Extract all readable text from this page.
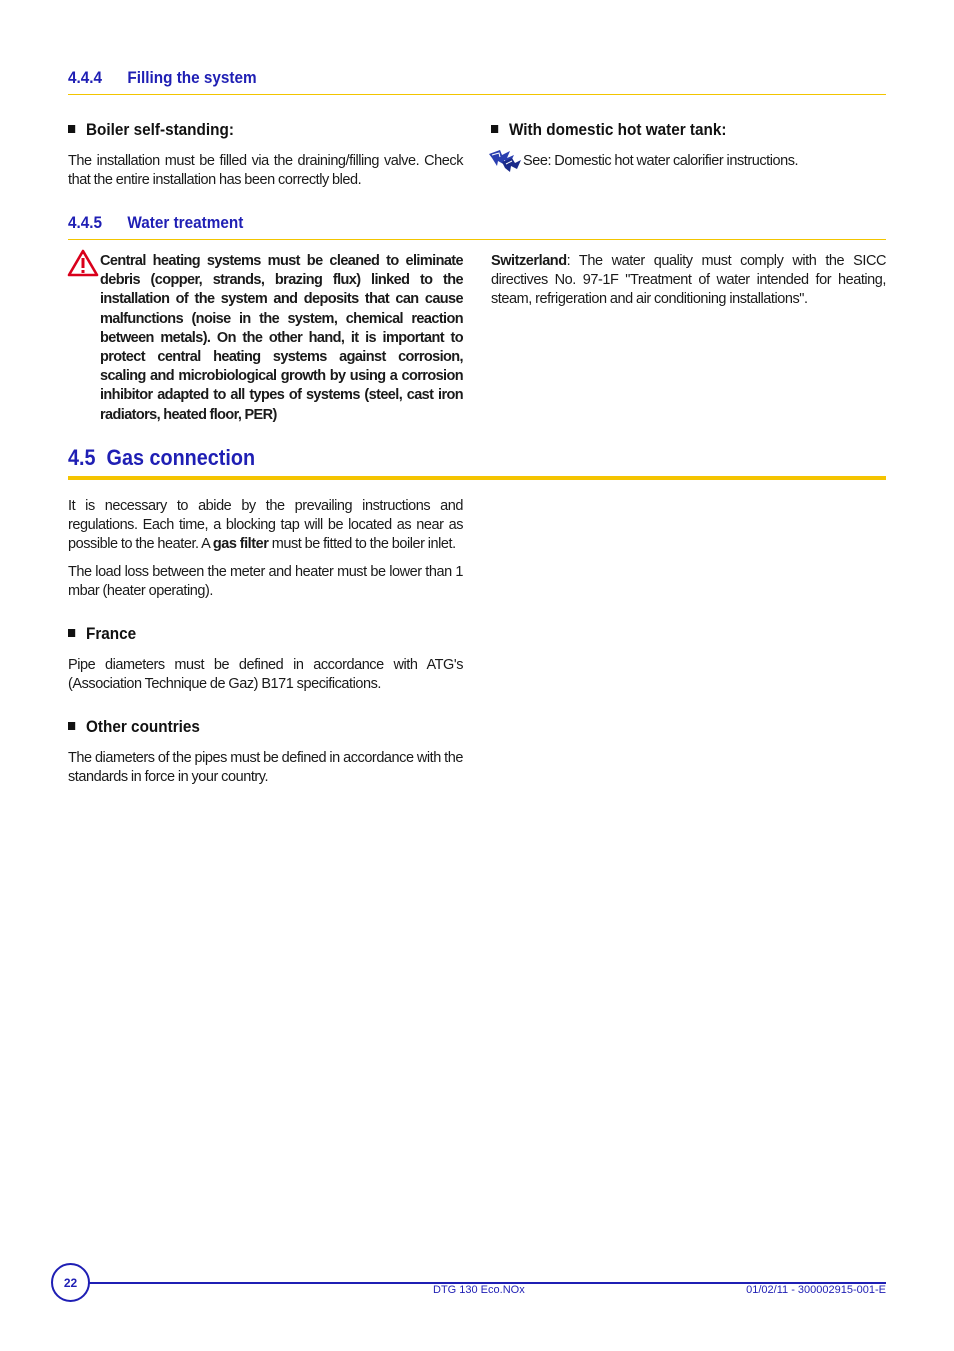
4.4.4 Filling the system
Boiler self-standing:
The installation must be filled via the draining/filling valve. Check that the entire installation has been correctly bled.
With domestic hot water tank:
See: Domestic hot water calorifier instructions.
4.4.5 Water treatment
Central heating systems must be cleaned to eliminate debris (copper, strands, brazing flux) linked to the installation of the system and deposits that can cause malfunctions (noise in the system, chemical reaction between metals). On the other hand, it is important to protect central heating systems against corrosion, scaling and microbiological growth by using a corrosion inhibitor adapted to all types of systems (steel, cast iron radiators, heated floor, PER)
Switzerland: The water quality must comply with the SICC directives No. 97-1F "Treatment of water intended for heating, steam, refrigeration and air conditioning installations".
4.5 Gas connection
It is necessary to abide by the prevailing instructions and regulations. Each time, a blocking tap will be located as near as possible to the heater. A gas filter must be fitted to the boiler inlet.
The load loss between the meter and heater must be lower than 1 mbar (heater operating).
France
Pipe diameters must be defined in accordance with ATG's (Association Technique de Gaz) B171 specifications.
Other countries
The diameters of the pipes must be defined in accordance with the standards in force in your country.
22
DTG 130 Eco.NOx	01/02/11 - 300002915-001-E
